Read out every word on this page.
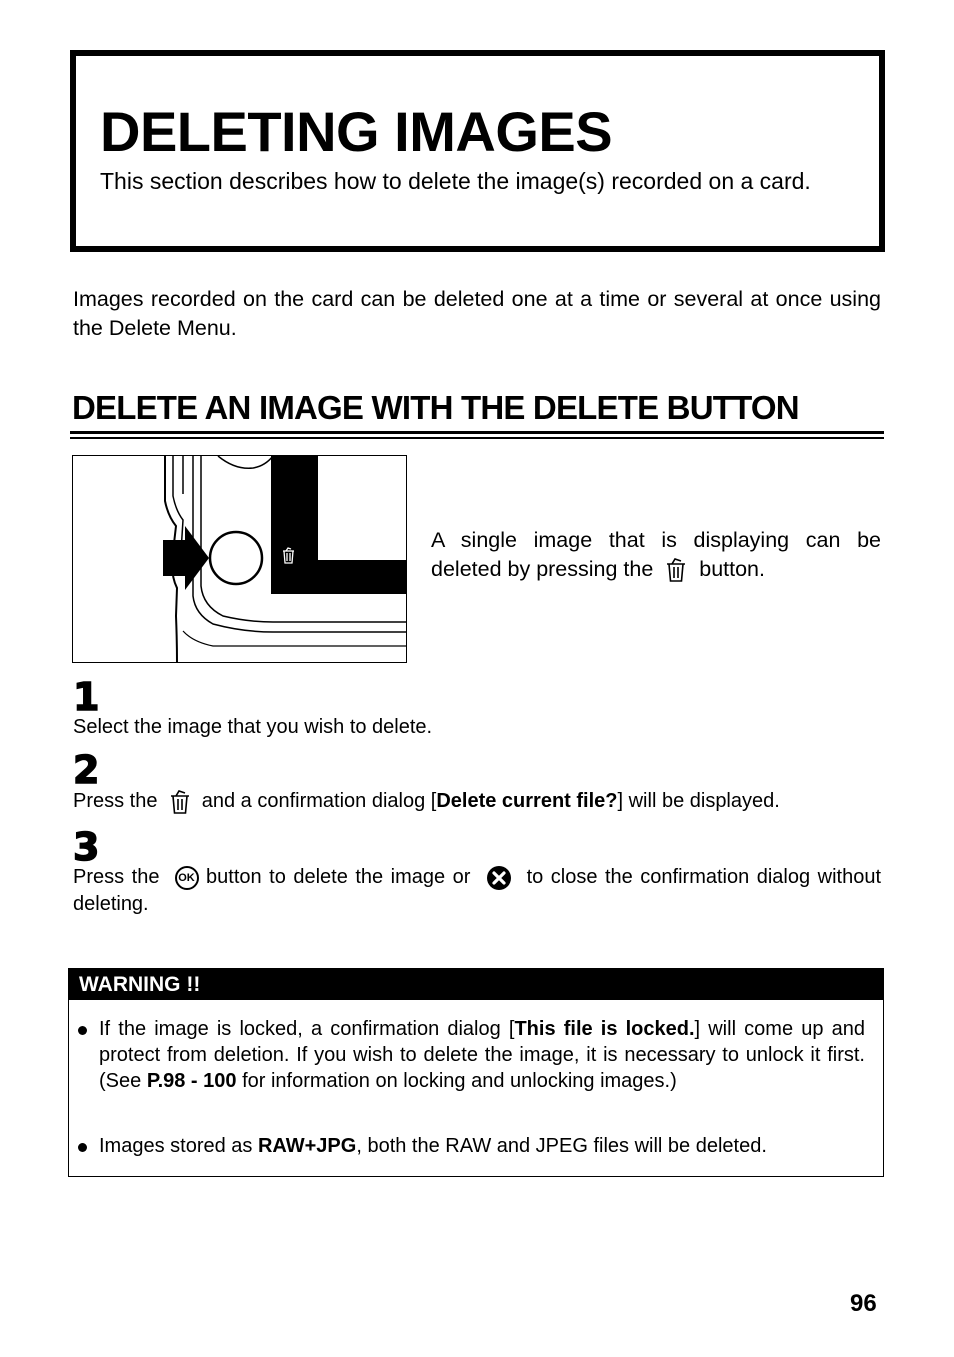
DELETING IMAGES

This section describes how to delete the image(s) recorded on a card.

Images recorded on the card can be deleted one at a time or several at once using the Delete Menu.

DELETE AN IMAGE WITH THE DELETE BUTTON

A single image that is displaying can be deleted by pressing the button.

1

Select the image that you wish to delete.

2

Press the and a confirmation dialog [Delete current file?] will be displayed.

3

Press the OK button to delete the image or	to close the confirmation dialog without deleting.

WARNING !!
If the image is locked, a confirmation dialog [This file is locked.] will come up and protect from deletion. If you wish to delete the image, it is necessary to unlock it first. (See P.98 - 100 for information on locking and unlocking images.)
Images stored as RAW+JPG, both the RAW and JPEG files will be deleted.

96
